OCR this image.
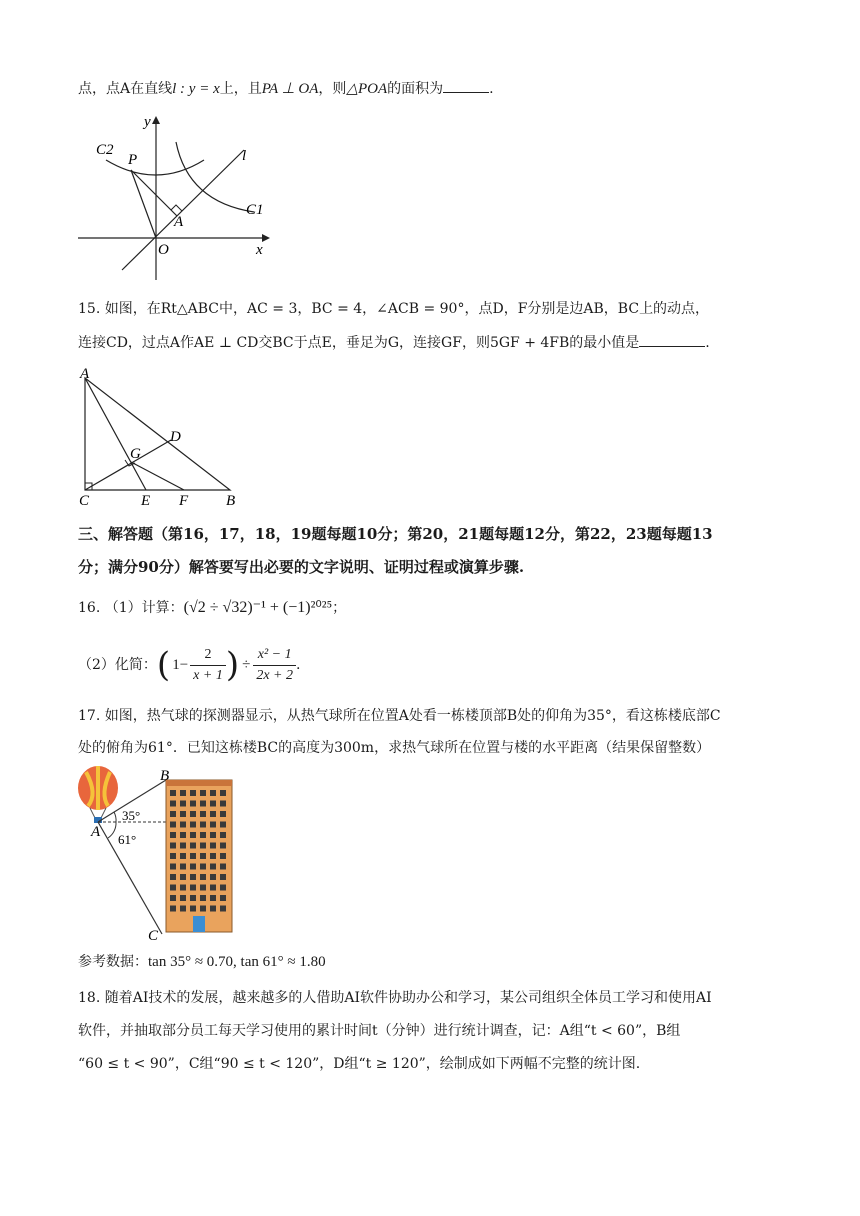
点，点A在直线l : y = x上，且PA ⊥ OA，则△POA的面积为	.
y
C2
P	l
A
C1
O	x
15. 如图，在Rt△ABC中，AC = 3，BC = 4，∠ACB = 90°，点D，F分别是边AB，BC上的动点，
连接CD，过点A作AE ⊥ CD交BC于点E，垂足为G，连接GF，则5GF + 4FB的最小值是	.
A
D
G
C	E F	B
三、解答题（第16，17，18，19题每题10分；第20，21题每题12分，第22，23题每题13
分；满分90分）解答要写出必要的文字说明、证明过程或演算步骤.
16. （1）计算：(√2 ÷ √32)⁻¹ + (−1)²⁰²⁵；
（2）化简： ( $1- \frac{2}{x + 1}$ ) ÷ $\frac{\text{x² − 1}}{2x + 2}$ .
17. 如图，热气球的探测器显示，从热气球所在位置A处看一栋楼顶部B处的仰角为35°，看这栋楼底部C
处的俯角为61°．已知这栋楼BC的高度为300m，求热气球所在位置与楼的水平距离（结果保留整数）
B
A
35°
61°
C
参考数据：tan 35° ≈ 0.70, tan 61° ≈ 1.80
18. 随着AI技术的发展，越来越多的人借助AI软件协助办公和学习，某公司组织全体员工学习和使用AI
软件，并抽取部分员工每天学习使用的累计时间t（分钟）进行统计调查，记：A组“t < 60”，B组
“60 ≤ t < 90”，C组“90 ≤ t < 120”，D组“t ≥ 120”，绘制成如下两幅不完整的统计图.
